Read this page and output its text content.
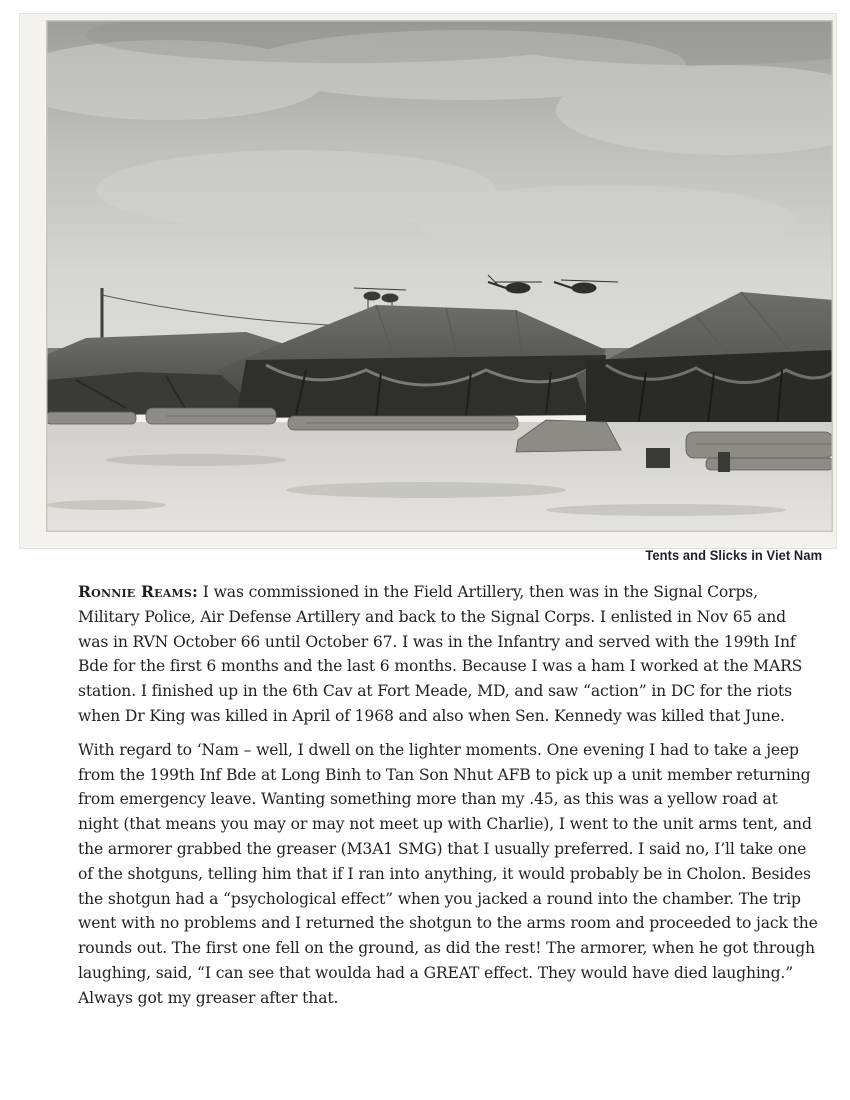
Tents and Slicks in Viet Nam

Ronnie Reams: I was commissioned in the Field Artillery, then was in the Signal Corps, Military Police, Air Defense Artillery and back to the Signal Corps. I enlisted in Nov 65 and was in RVN October 66 until October 67. I was in the Infantry and served with the 199th Inf Bde for the first 6 months and the last 6 months. Because I was a ham I worked at the MARS station. I finished up in the 6th Cav at Fort Meade, MD, and saw “action” in DC for the riots when Dr King was killed in April of 1968 and also when Sen. Kennedy was killed that June.

With regard to ‘Nam – well, I dwell on the lighter moments. One evening I had to take a jeep from the 199th Inf Bde at Long Binh to Tan Son Nhut AFB to pick up a unit member returning from emergency leave. Wanting something more than my .45, as this was a yellow road at night (that means you may or may not meet up with Charlie), I went to the unit arms tent, and the armorer grabbed the greaser (M3A1 SMG) that I usually preferred. I said no, I’ll take one of the shotguns, telling him that if I ran into anything, it would probably be in Cholon. Besides the shotgun had a “psychological effect” when you jacked a round into the chamber. The trip went with no problems and I returned the shotgun to the arms room and proceeded to jack the rounds out. The first one fell on the ground, as did the rest! The armorer, when he got through laughing, said, “I can see that woulda had a GREAT effect. They would have died laughing.” Always got my greaser after that.
